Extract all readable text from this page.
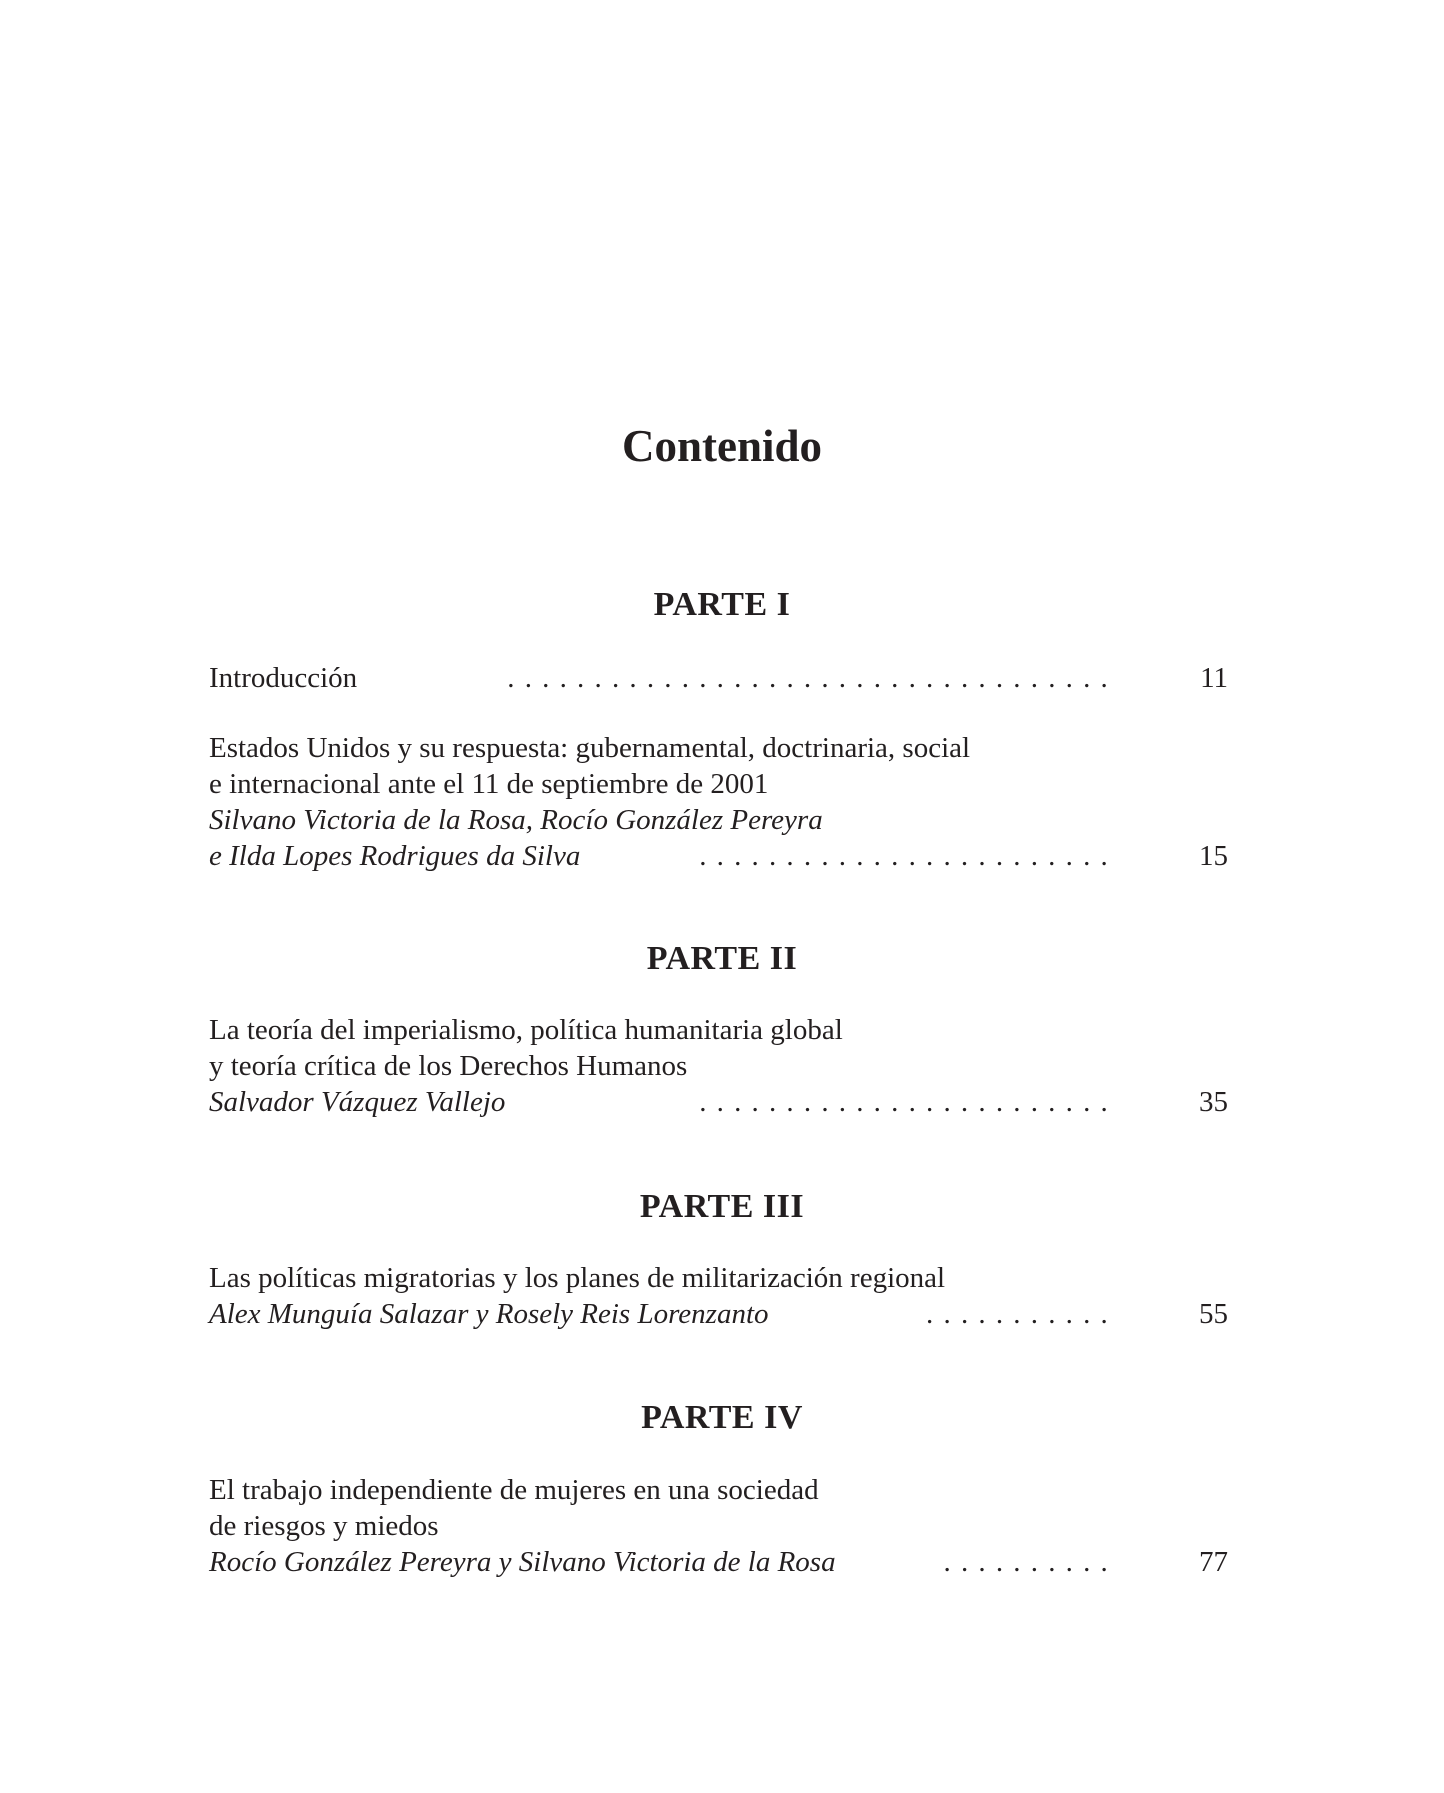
Contenido
PARTE I
Introducción	...................................	11
Estados Unidos y su respuesta: gubernamental, doctrinaria, social
e internacional ante el 11 de septiembre de 2001
Silvano Victoria de la Rosa, Rocío González Pereyra
e Ilda Lopes Rodrigues da Silva	........................	15
PARTE II
La teoría del imperialismo, política humanitaria global
y teoría crítica de los Derechos Humanos
Salvador Vázquez Vallejo	........................	35
PARTE III
Las políticas migratorias y los planes de militarización regional
Alex Munguía Salazar y Rosely Reis Lorenzanto	...........	55
PARTE IV
El trabajo independiente de mujeres en una sociedad
de riesgos y miedos
Rocío González Pereyra y Silvano Victoria de la Rosa	..........	77
